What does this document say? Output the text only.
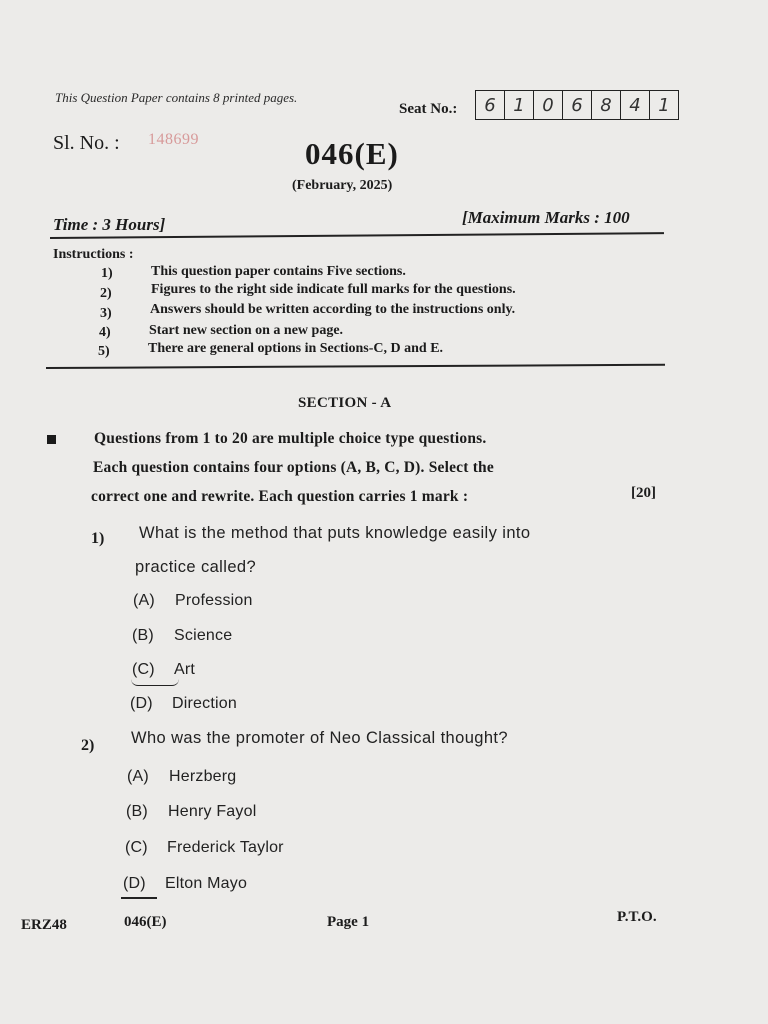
This Question Paper contains 8 printed pages.
Seat No.:	6 1 0 6 8 4 1
Sl. No. : 148699	046(E)
(February, 2025)
Time : 3 Hours]	[Maximum Marks : 100
Instructions :
1)	This question paper contains Five sections.
2)	Figures to the right side indicate full marks for the questions.
3)	Answers should be written according to the instructions only.
4)	Start new section on a new page.
5)	There are general options in Sections-C, D and E.
SECTION - A
Questions from 1 to 20 are multiple choice type questions.
Each question contains four options (A, B, C, D). Select the
correct one and rewrite. Each question carries 1 mark :	[20]
1) What is the method that puts knowledge easily into
practice called?
(A) Profession
(B) Science
(C) Art
(D) Direction
2) Who was the promoter of Neo Classical thought?
(A) Herzberg
(B) Henry Fayol
(C) Frederick Taylor
(D) Elton Mayo
ERZ48	046(E)	Page 1	P.T.O.
